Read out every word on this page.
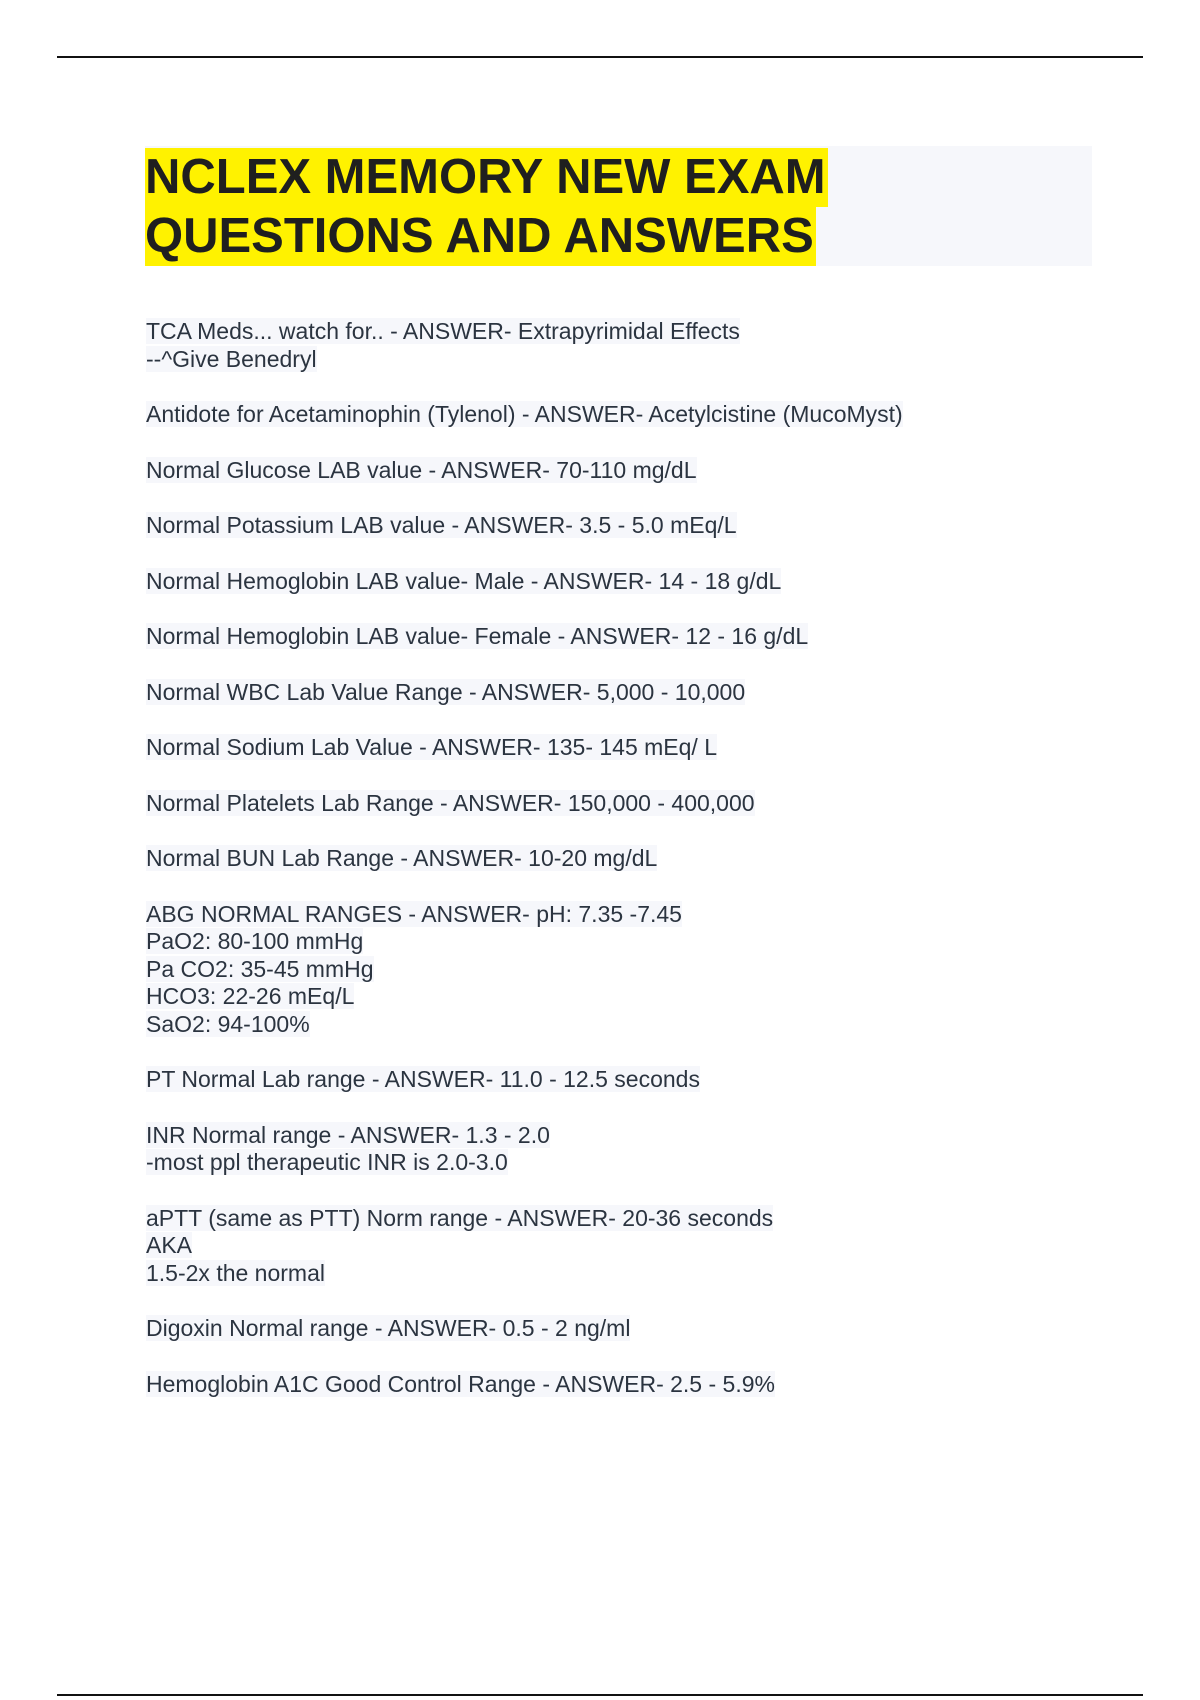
NCLEX MEMORY NEW EXAM
QUESTIONS AND ANSWERS
TCA Meds... watch for.. - ANSWER- Extrapyrimidal Effects
--^Give Benedryl
Antidote for Acetaminophin (Tylenol) - ANSWER- Acetylcistine (MucoMyst)
Normal Glucose LAB value - ANSWER- 70-110 mg/dL
Normal Potassium LAB value - ANSWER- 3.5 - 5.0 mEq/L
Normal Hemoglobin LAB value- Male - ANSWER- 14 - 18 g/dL
Normal Hemoglobin LAB value- Female - ANSWER- 12 - 16 g/dL
Normal WBC Lab Value Range - ANSWER- 5,000 - 10,000
Normal Sodium Lab Value - ANSWER- 135- 145 mEq/ L
Normal Platelets Lab Range - ANSWER- 150,000 - 400,000
Normal BUN Lab Range - ANSWER- 10-20 mg/dL
ABG NORMAL RANGES - ANSWER- pH: 7.35 -7.45
PaO2: 80-100 mmHg
Pa CO2: 35-45 mmHg
HCO3: 22-26 mEq/L
SaO2: 94-100%
PT Normal Lab range - ANSWER- 11.0 - 12.5 seconds
INR Normal range - ANSWER- 1.3 - 2.0
-most ppl therapeutic INR is 2.0-3.0
aPTT (same as PTT) Norm range - ANSWER- 20-36 seconds
AKA
1.5-2x the normal
Digoxin Normal range - ANSWER- 0.5 - 2 ng/ml
Hemoglobin A1C Good Control Range - ANSWER- 2.5 - 5.9%
